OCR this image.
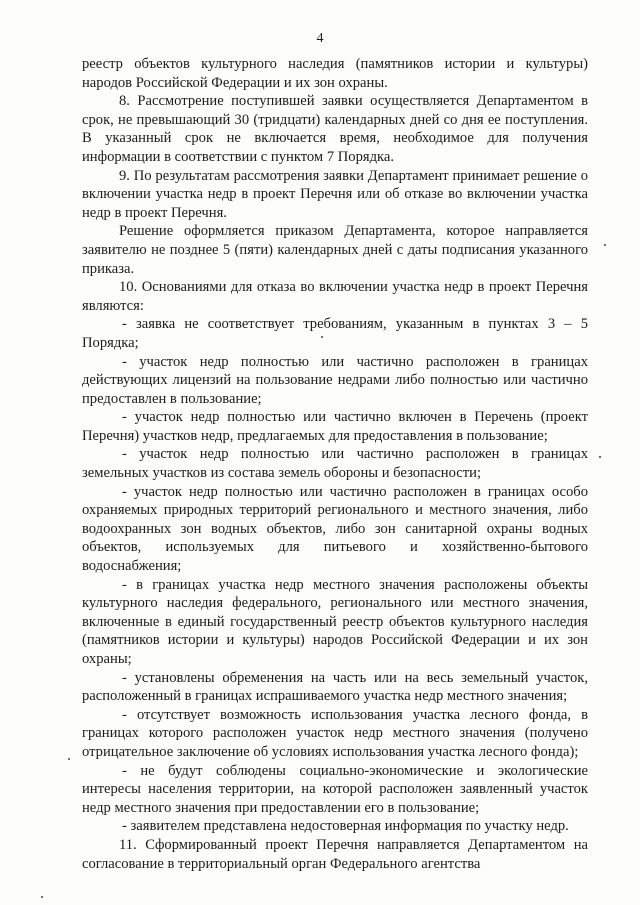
4

реестр объектов культурного наследия (памятников истории и культуры) народов Российской Федерации и их зон охраны.

8. Рассмотрение поступившей заявки осуществляется Департаментом в срок, не превышающий 30 (тридцати) календарных дней со дня ее поступления. В указанный срок не включается время, необходимое для получения информации в соответствии с пунктом 7 Порядка.

9. По результатам рассмотрения заявки Департамент принимает решение о включении участка недр в проект Перечня или об отказе во включении участка недр в проект Перечня.

Решение оформляется приказом Департамента, которое направляется заявителю не позднее 5 (пяти) календарных дней с даты подписания указанного приказа.

10. Основаниями для отказа во включении участка недр в проект Перечня являются:

- заявка не соответствует требованиям, указанным в пунктах 3 – 5 Порядка;

- участок недр полностью или частично расположен в границах действующих лицензий на пользование недрами либо полностью или частично предоставлен в пользование;

- участок недр полностью или частично включен в Перечень (проект Перечня) участков недр, предлагаемых для предоставления в пользование;

- участок недр полностью или частично расположен в границах земельных участков из состава земель обороны и безопасности;

- участок недр полностью или частично расположен в границах особо охраняемых природных территорий регионального и местного значения, либо водоохранных зон водных объектов, либо зон санитарной охраны водных объектов, используемых для питьевого и хозяйственно-бытового водоснабжения;

- в границах участка недр местного значения расположены объекты культурного наследия федерального, регионального или местного значения, включенные в единый государственный реестр объектов культурного наследия (памятников истории и культуры) народов Российской Федерации и их зон охраны;

- установлены обременения на часть или на весь земельный участок, расположенный в границах испрашиваемого участка недр местного значения;

- отсутствует возможность использования участка лесного фонда, в границах которого расположен участок недр местного значения (получено отрицательное заключение об условиях использования участка лесного фонда);

- не будут соблюдены социально-экономические и экологические интересы населения территории, на которой расположен заявленный участок недр местного значения при предоставлении его в пользование;

- заявителем представлена недостоверная информация по участку недр.

11. Сформированный проект Перечня направляется Департаментом на согласование в территориальный орган Федерального агентства
